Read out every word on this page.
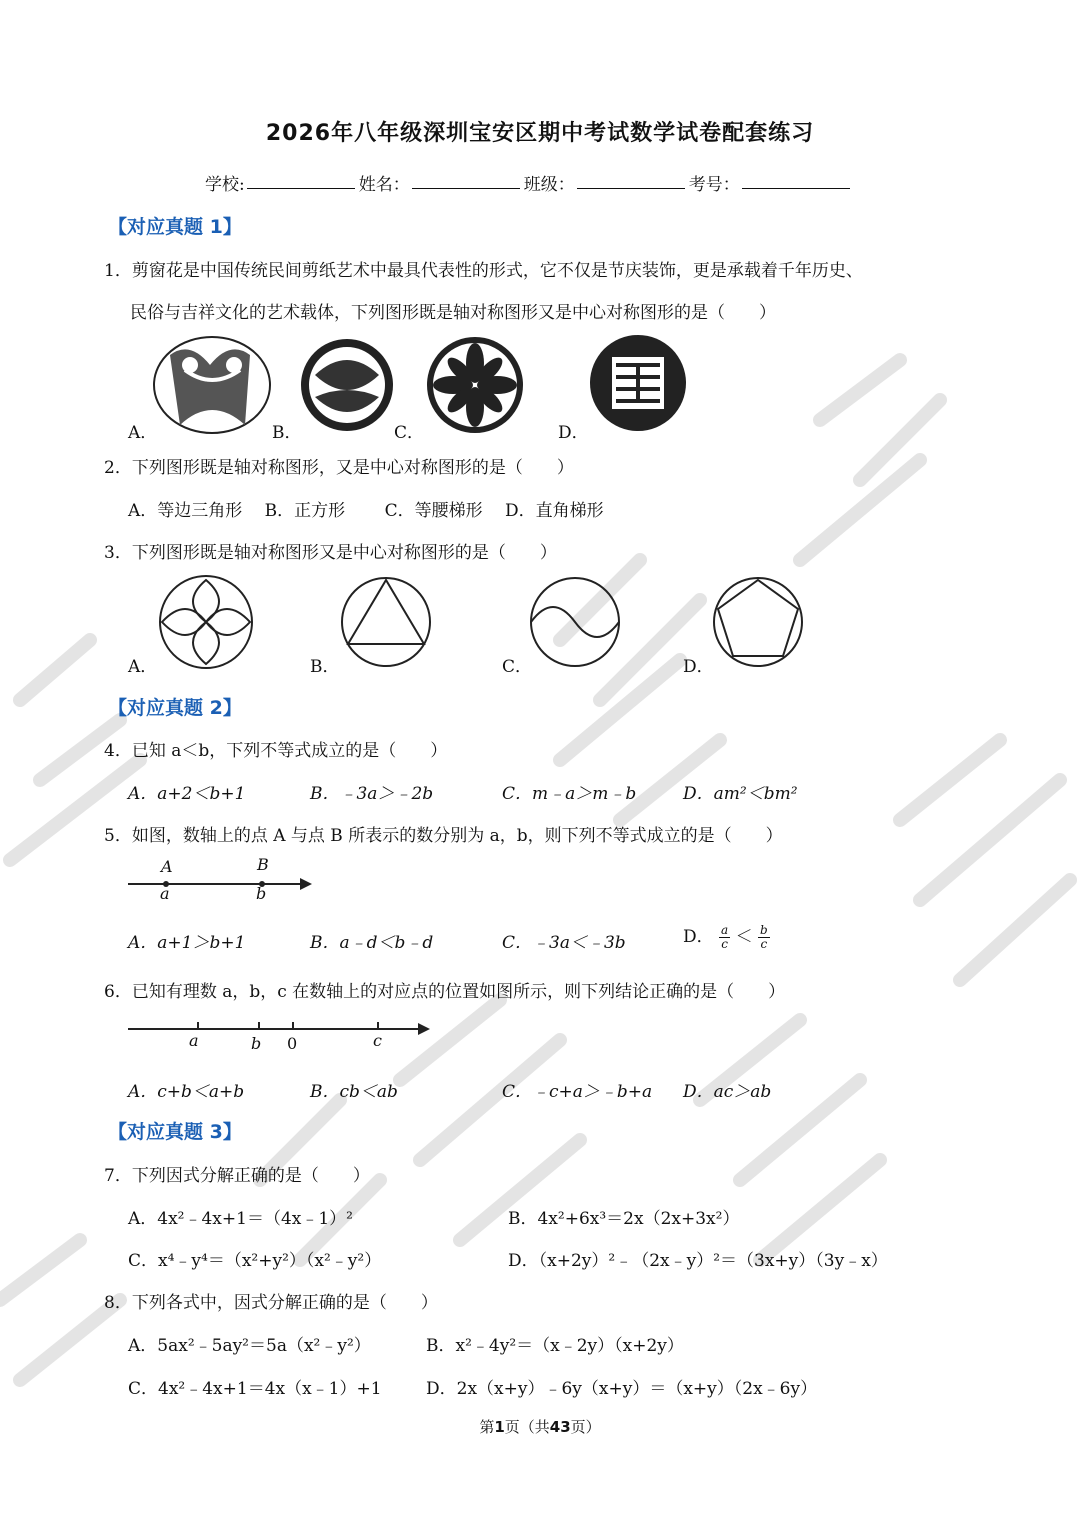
2026年八年级深圳宝安区期中考试数学试卷配套练习
学校:	姓名：	班级：	考号：
【对应真题 1】
1．剪窗花是中国传统民间剪纸艺术中最具代表性的形式，它不仅是节庆装饰，更是承载着千年历史、
民俗与吉祥文化的艺术载体，下列图形既是轴对称图形又是中心对称图形的是（　　）
A．	B．	C．	D．
2．下列图形既是轴对称图形，又是中心对称图形的是（　　）
A．等边三角形　 B．正方形　　 C．等腰梯形　 D．直角梯形
3．下列图形既是轴对称图形又是中心对称图形的是（　　）
A．	B．	C．	D．
【对应真题 2】
4．已知 a＜b，下列不等式成立的是（　　）
A．a+2＜b+1	B．﹣3a＞﹣2b	C．m﹣a＞m﹣b	D．am²＜bm²
5．如图，数轴上的点 A 与点 B 所表示的数分别为 a，b，则下列不等式成立的是（　　）
A	B
a	b
A．a+1＞b+1	B．a﹣d＜b﹣d	C．﹣3a＜﹣3b	D． $\frac{a}{c} < \frac{b}{c}$
6．已知有理数 a，b，c 在数轴上的对应点的位置如图所示，则下列结论正确的是（　　）
a	b 0	c
A．c+b＜a+b	B．cb＜ab	C．﹣c+a＞﹣b+a D．ac＞ab
【对应真题 3】
7．下列因式分解正确的是（　　）
A．4x²﹣4x+1＝（4x﹣1）²	B．4x²+6x³＝2x（2x+3x²）
C．x⁴﹣y⁴＝（x²+y²）（x²﹣y²）	D．（x+2y）²﹣（2x﹣y）²＝（3x+y）（3y﹣x）
8．下列各式中，因式分解正确的是（　　）
A．5ax²﹣5ay²＝5a（x²﹣y²）	B．x²﹣4y²＝（x﹣2y）（x+2y）
C．4x²﹣4x+1＝4x（x﹣1）+1	D．2x（x+y）﹣6y（x+y）＝（x+y）（2x﹣6y）
第1页（共43页）
